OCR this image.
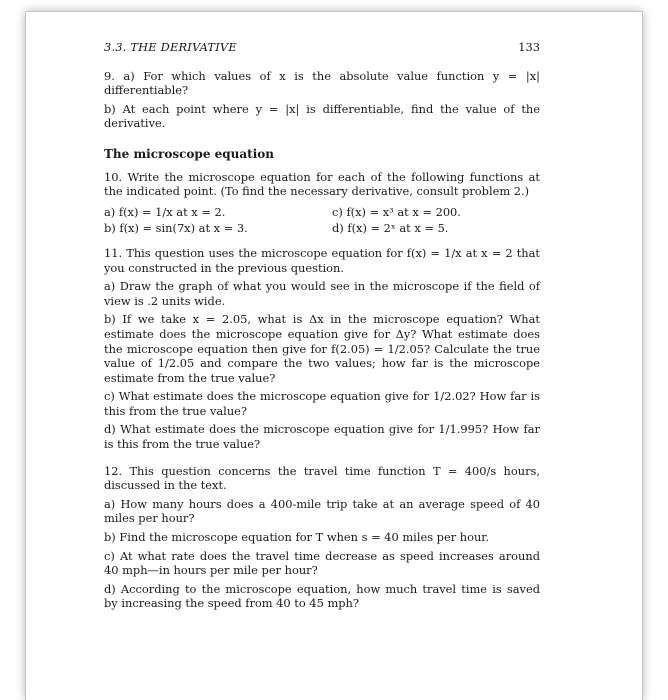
3.3. THE DERIVATIVE	133

9. a) For which values of x is the absolute value function y = |x| differentiable?

b) At each point where y = |x| is differentiable, find the value of the derivative.

The microscope equation

10. Write the microscope equation for each of the following functions at the indicated point. (To find the necessary derivative, consult problem 2.)

a) f(x) = 1/x at x = 2.	c) f(x) = x³ at x = 200.
b) f(x) = sin(7x) at x = 3.	d) f(x) = 2ˣ at x = 5.

11. This question uses the microscope equation for f(x) = 1/x at x = 2 that you constructed in the previous question.

a) Draw the graph of what you would see in the microscope if the field of view is .2 units wide.

b) If we take x = 2.05, what is Δx in the microscope equation? What estimate does the microscope equation give for Δy? What estimate does the microscope equation then give for f(2.05) = 1/2.05? Calculate the true value of 1/2.05 and compare the two values; how far is the microscope estimate from the true value?

c) What estimate does the microscope equation give for 1/2.02? How far is this from the true value?

d) What estimate does the microscope equation give for 1/1.995? How far is this from the true value?

12. This question concerns the travel time function T = 400/s hours, discussed in the text.

a) How many hours does a 400-mile trip take at an average speed of 40 miles per hour?

b) Find the microscope equation for T when s = 40 miles per hour.

c) At what rate does the travel time decrease as speed increases around 40 mph—in hours per mile per hour?

d) According to the microscope equation, how much travel time is saved by increasing the speed from 40 to 45 mph?
